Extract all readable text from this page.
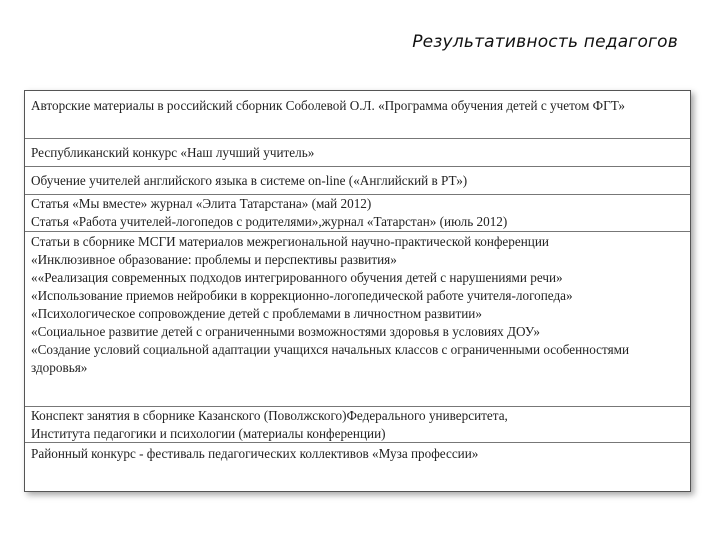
Результативность педагогов
Авторские материалы в российский сборник Соболевой О.Л. «Программа обучения детей с учетом ФГТ»
Республиканский конкурс «Наш лучший учитель»
Обучение учителей английского языка в системе on-line («Английский в РТ»)
Статья «Мы вместе» журнал «Элита Татарстана» (май 2012)
Статья «Работа учителей-логопедов с родителями»,журнал «Татарстан» (июль 2012)
Статьи в сборнике МСГИ материалов межрегиональной научно-практической конференции
«Инклюзивное образование: проблемы и перспективы развития»
««Реализация современных подходов интегрированного обучения детей с нарушениями речи»
«Использование приемов нейробики в коррекционно-логопедической работе учителя-логопеда»
«Психологическое сопровождение детей с проблемами в личностном развитии»
«Социальное развитие детей с ограниченными возможностями здоровья в условиях ДОУ»
«Создание условий социальной адаптации учащихся начальных классов с ограниченными особенностями здоровья»
Конспект занятия в сборнике Казанского (Поволжского)Федерального университета,
Института педагогики и психологии (материалы конференции)
Районный конкурс - фестиваль педагогических коллективов «Муза профессии»
